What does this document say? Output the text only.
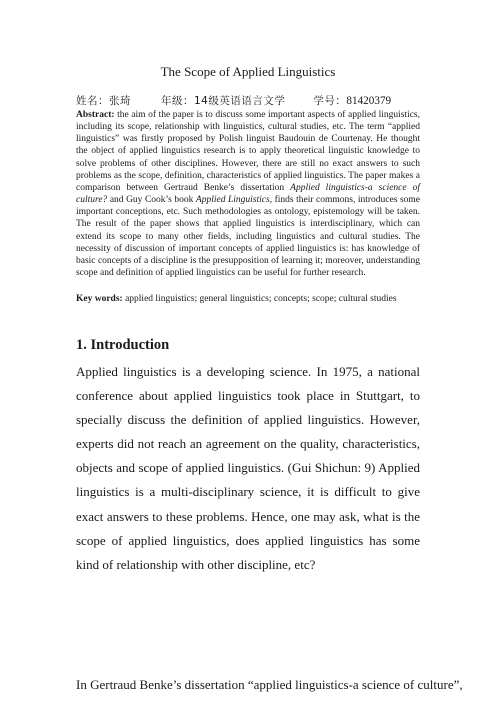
The Scope of Applied Linguistics
姓名：张琦	年级：14级英语语言文学	学号：81420379
Abstract: the aim of the paper is to discuss some important aspects of applied linguistics, including its scope, relationship with linguistics, cultural studies, etc. The term “applied linguistics” was firstly proposed by Polish linguist Baudouin de Courtenay. He thought the object of applied linguistics research is to apply theoretical linguistic knowledge to solve problems of other disciplines. However, there are still no exact answers to such problems as the scope, definition, characteristics of applied linguistics. The paper makes a comparison between Gertraud Benke’s dissertation Applied linguistics-a science of culture? and Guy Cook’s book Applied Linguistics, finds their commons, introduces some important conceptions, etc. Such methodologies as ontology, epistemology will be taken. The result of the paper shows that applied linguistics is interdisciplinary, which can extend its scope to many other fields, including linguistics and cultural studies. The necessity of discussion of important concepts of applied linguistics is: has knowledge of basic concepts of a discipline is the presupposition of learning it; moreover, understanding scope and definition of applied linguistics can be useful for further research.
Key words: applied linguistics; general linguistics; concepts; scope; cultural studies
1. Introduction
Applied linguistics is a developing science. In 1975, a national conference about applied linguistics took place in Stuttgart, to specially discuss the definition of applied linguistics. However, experts did not reach an agreement on the quality, characteristics, objects and scope of applied linguistics. (Gui Shichun: 9) Applied linguistics is a multi-disciplinary science, it is difficult to give exact answers to these problems. Hence, one may ask, what is the scope of applied linguistics, does applied linguistics has some kind of relationship with other discipline, etc?
In Gertraud Benke’s dissertation “applied linguistics-a science of culture”,
